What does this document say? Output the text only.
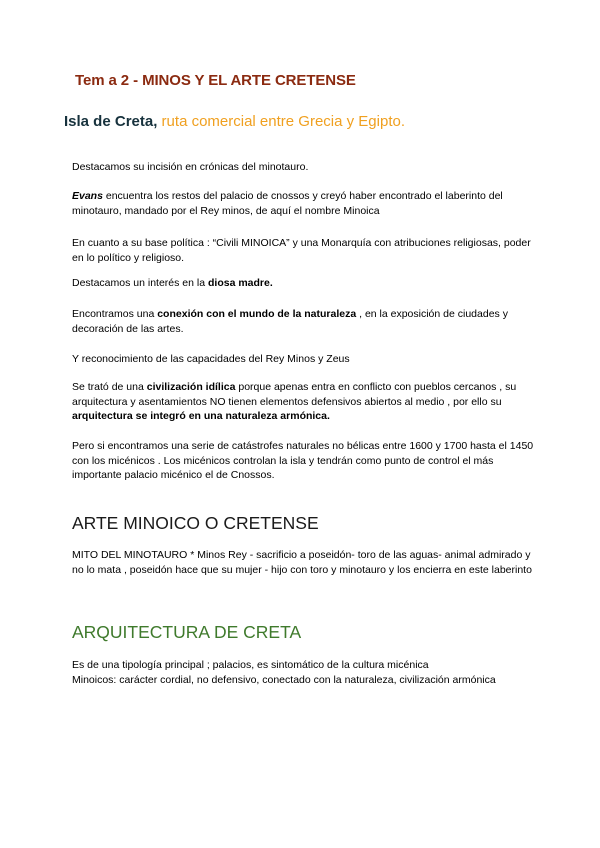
Tem a 2 - MINOS Y EL ARTE CRETENSE
Isla de Creta, ruta comercial entre Grecia y Egipto.
Destacamos su incisión en crónicas del minotauro.
Evans encuentra los restos del palacio de cnossos y creyó haber encontrado el laberinto del minotauro, mandado por el Rey minos, de aquí el nombre Minoica
En cuanto a su base política : “Civili MINOICA” y una Monarquía con atribuciones religiosas, poder en lo político y religioso.
Destacamos un interés en la diosa madre.
Encontramos una conexión con el mundo de la naturaleza , en la exposición de ciudades y decoración de las artes.
Y reconocimiento de las capacidades del Rey Minos y Zeus
Se trató de una civilización idílica porque apenas entra en conflicto con pueblos cercanos , su arquitectura y asentamientos NO tienen elementos defensivos abiertos al medio , por ello su arquitectura se integró en una naturaleza armónica.
Pero si encontramos una serie de catástrofes naturales no bélicas entre 1600 y 1700 hasta el 1450 con los micénicos . Los micénicos controlan la isla y tendrán como punto de control el más importante palacio micénico el de Cnossos.
ARTE MINOICO O CRETENSE
MITO DEL MINOTAURO * Minos Rey - sacrificio a poseidón- toro de las aguas- animal admirado y no lo mata , poseidón hace que su mujer - hijo con toro y minotauro y los encierra en este laberinto
ARQUITECTURA DE CRETA
Es de una tipología principal ; palacios, es sintomático de la cultura micénica
Minoicos: carácter cordial, no defensivo, conectado con la naturaleza, civilización armónica
